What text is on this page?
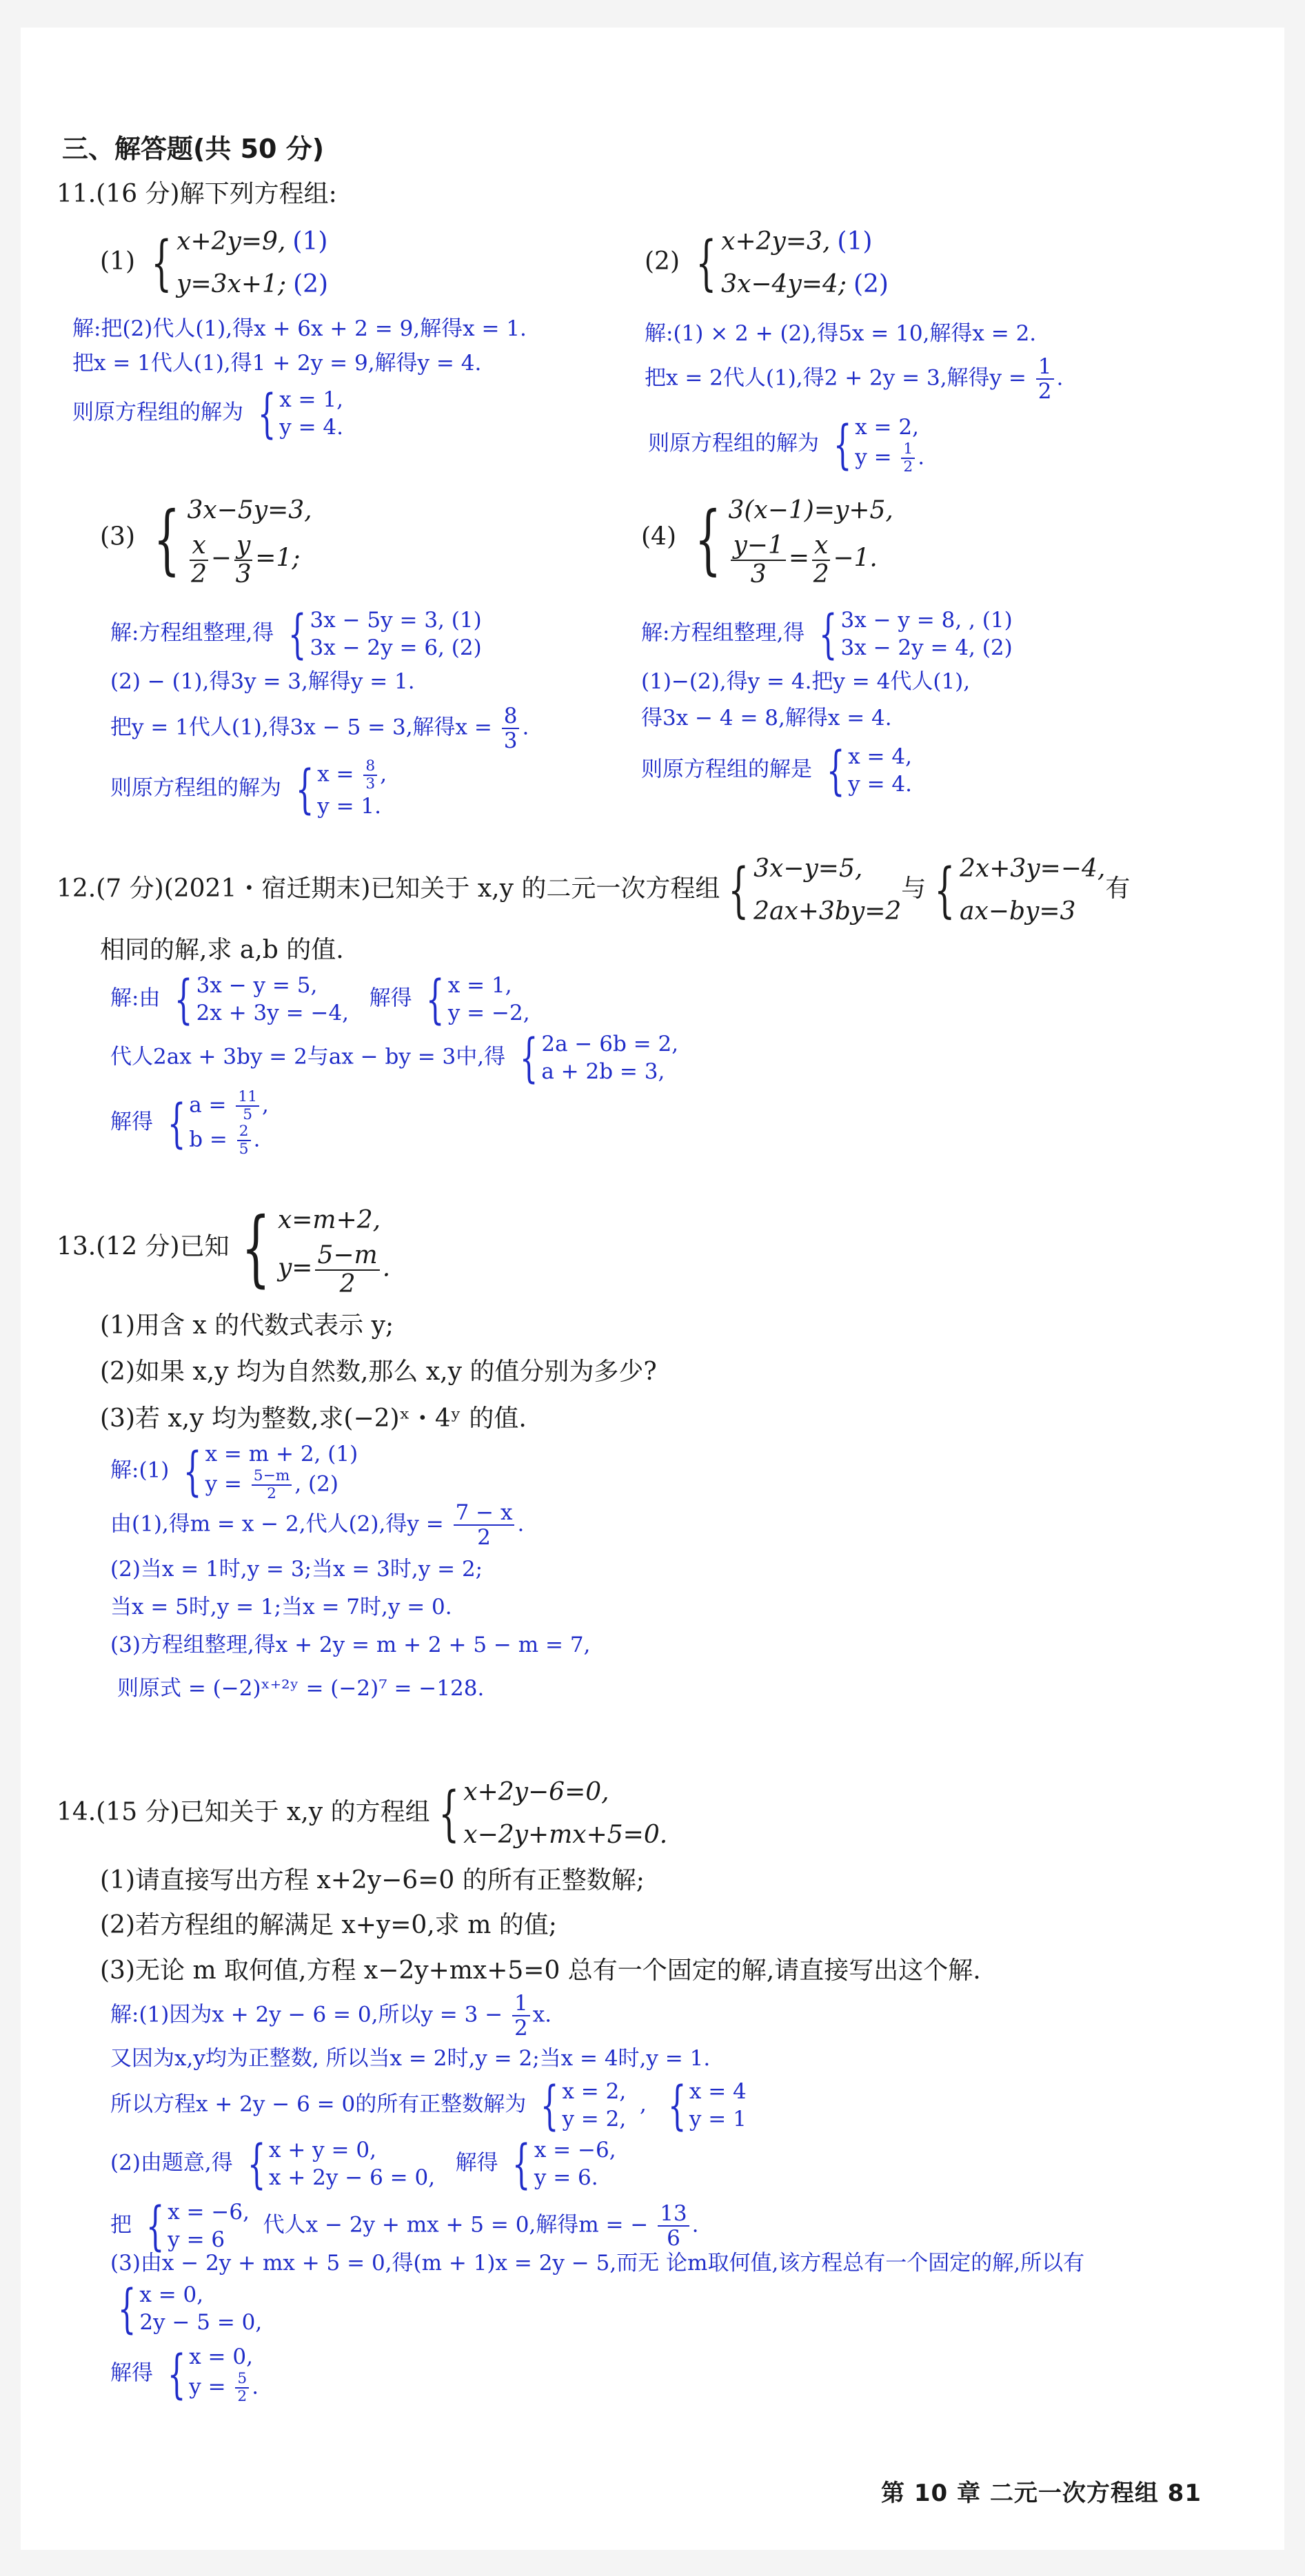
三、解答题(共 50 分)
11.(16 分)解下列方程组:
(1) { x+2y=9, (1)
y=3x+1; (2)
解:把(2)代人(1),得x + 6x + 2 = 9,解得x = 1.
把x = 1代人(1),得1 + 2y = 9,解得y = 4.
则原方程组的解为 { x = 1,
y = 4.
(2) { x+2y=3, (1)
3x−4y=4; (2)
解:(1) × 2 + (2),得5x = 10,解得x = 2.
把x = 2代人(1),得2 + 2y = 3,解得$y = \frac{1}{2}$ .
则原方程组的解为 { x = 2,
$y = \frac{1}{2}$ .
(3) { 3x−5y=3,
$\frac{x}{2} - \frac{y}{3} =1$;
解:方程组整理,得 { 3x − 5y = 3, (1)
3x − 2y = 6, (2)
(2) − (1),得3y = 3,解得y = 1.
把y = 1代人(1),得3x − 5 = 3,解得$x = \frac{8}{3}$ .
则原方程组的解为 { $x = \frac{8}{3}$ ,
y = 1.
(4) { 3(x−1)=y+5,
$\frac{y-1}{3} = \frac{x}{2} -1$.
解:方程组整理,得 { 3x − y = 8, , (1)
3x − 2y = 4, (2)
(1)−(2),得y = 4.把y = 4代人(1),
得3x − 4 = 8,解得x = 4.
则原方程组的解是 { x = 4,
y = 4.
12.(7 分)(2021・宿迁期末)已知关于 x,y 的二元一次方程组 { 3x−y=5,
2ax+3by=2
与 { 2x+3y=−4,
ax−by=3
有
相同的解,求 a,b 的值.
解:由 { 3x − y = 5,
2x + 3y = −4,
解得 { x = 1,
y = −2,
代人2ax + 3by = 2与ax − by = 3中,得 { 2a − 6b = 2,
a + 2b = 3,
解得 { $a = \frac{11}{5}$ ,
$b = \frac{2}{5}$ .
13.(12 分)已知 { x=m+2,
$y= \frac{5-m}{2}$ .
(1)用含 x 的代数式表示 y;
(2)如果 x,y 均为自然数,那么 x,y 的值分别为多少?
(3)若 x,y 均为整数,求(−2)ˣ・4ʸ 的值.
解:(1) { x = m + 2, (1)
$y = \frac{5-m}{2}$ , (2)
由(1),得m = x − 2,代人(2),得$y = \frac{7 - x}{2}$ .
(2)当x = 1时,y = 3;当x = 3时,y = 2;
当x = 5时,y = 1;当x = 7时,y = 0.
(3)方程组整理,得x + 2y = m + 2 + 5 − m = 7,
则原式 = (−2)ˣ⁺²ʸ = (−2)⁷ = −128.
14.(15 分)已知关于 x,y 的方程组 { x+2y−6=0,
x−2y+mx+5=0.
(1)请直接写出方程 x+2y−6=0 的所有正整数解;
(2)若方程组的解满足 x+y=0,求 m 的值;
(3)无论 m 取何值,方程 x−2y+mx+5=0 总有一个固定的解,请直接写出这个解.
解:(1)因为x + 2y − 6 = 0,所以$y = 3 - \frac{1}{2} x$.
又因为x,y均为正整数, 所以当x = 2时,y = 2;当x = 4时,y = 1.
所以方程x + 2y − 6 = 0的所有正整数解为 { x = 2,
y = 2,
, { x = 4
y = 1
(2)由题意,得 { x + y = 0,
x + 2y − 6 = 0,
解得 { x = −6,
y = 6.
把 { x = −6,
y = 6
代人x − 2y + mx + 5 = 0,解得m = − $\frac{13}{6}$ .
(3)由x − 2y + mx + 5 = 0,得(m + 1)x = 2y − 5,而无 论m取何值,该方程总有一个固定的解,所以有
{ x = 0,
2y − 5 = 0,
解得 { x = 0,
$y = \frac{5}{2}$ .
第 10 章 二元一次方程组 81
